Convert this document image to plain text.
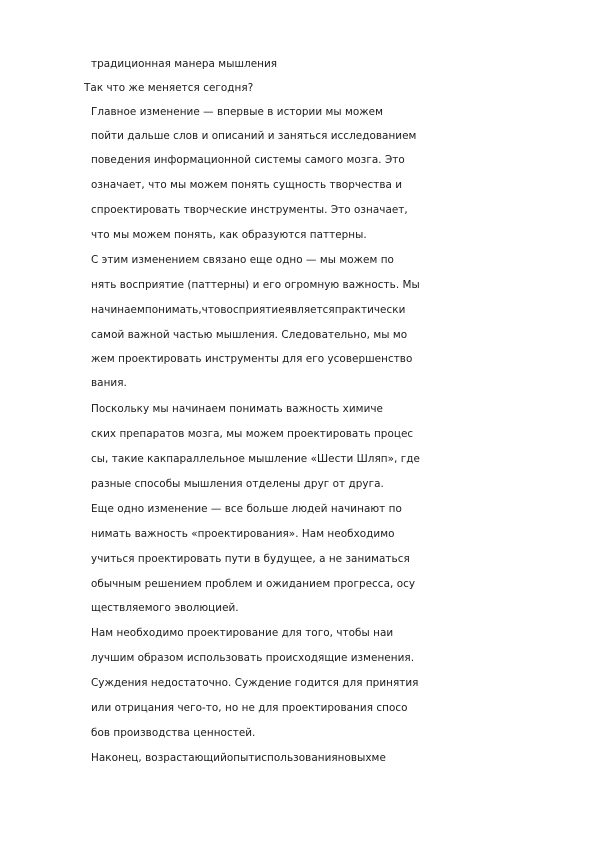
традиционная манера мышления
Так что же меняется сегодня?
Главное изменение — впервые в истории мы можем
пойти дальше слов и описаний и заняться исследованием
поведения информационной системы самого мозга. Это
означает, что мы можем понять сущность творчества и
спроектировать творческие инструменты. Это означает,
что мы можем понять, как образуются паттерны.
С этим изменением связано еще одно — мы можем по
нять восприятие (паттерны) и его огромную важность. Мы
начинаемпонимать,чтовосприятиеявляетсяпрактически
самой важной частью мышления. Следовательно, мы мо
жем проектировать инструменты для его усовершенство
вания.
Поскольку мы начинаем понимать важность химиче
ских препаратов мозга, мы можем проектировать процес
сы, такие какпараллельное мышление «Шести Шляп», где
разные способы мышления отделены друг от друга.
Еще одно изменение — все больше людей начинают по
нимать важность «проектирования». Нам необходимо
учиться проектировать пути в будущее, а не заниматься
обычным решением проблем и ожиданием прогресса, осу
ществляемого эволюцией.
Нам необходимо проектирование для того, чтобы наи
лучшим образом использовать происходящие изменения.
Суждения недостаточно. Суждение годится для принятия
или отрицания чего-то, но не для проектирования спосо
бов производства ценностей.
Наконец, возрастающийопытиспользованияновыхме
